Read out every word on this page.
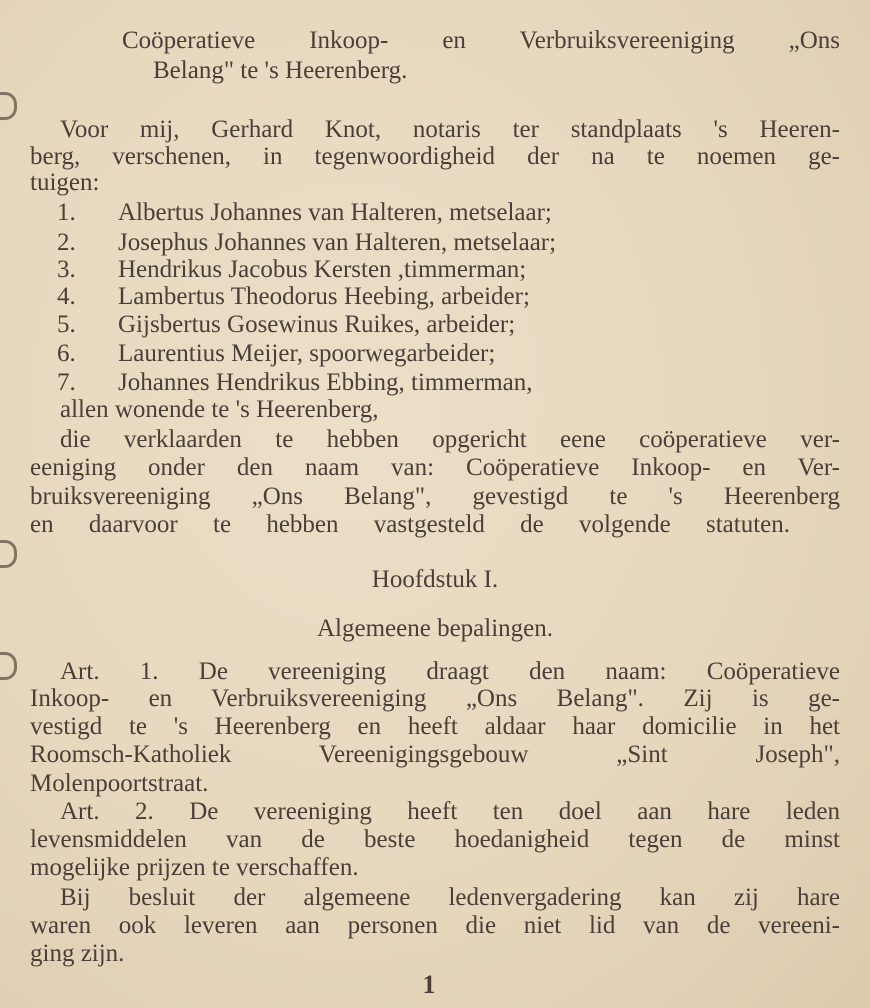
Coöperatieve Inkoop- en Verbruiksvereeniging „Ons
Belang" te 's Heerenberg.
Voor mij, Gerhard Knot, notaris ter standplaats 's Heeren-
berg, verschenen, in tegenwoordigheid der na te noemen ge-
tuigen:
1.	Albertus Johannes van Halteren, metselaar;
2.	Josephus Johannes van Halteren, metselaar;
3.	Hendrikus Jacobus Kersten ,timmerman;
4.	Lambertus Theodorus Heebing, arbeider;
5.	Gijsbertus Gosewinus Ruikes, arbeider;
6.	Laurentius Meijer, spoorwegarbeider;
7.	Johannes Hendrikus Ebbing, timmerman,
allen wonende te 's Heerenberg,
die verklaarden te hebben opgericht eene coöperatieve ver-
eeniging onder den naam van: Coöperatieve Inkoop- en Ver-
bruiksvereeniging „Ons Belang", gevestigd te 's Heerenberg
en daarvoor te hebben vastgesteld de volgende statuten.
Hoofdstuk I.
Algemeene bepalingen.
Art. 1. De vereeniging draagt den naam: Coöperatieve
Inkoop- en Verbruiksvereeniging „Ons Belang". Zij is ge-
vestigd te 's Heerenberg en heeft aldaar haar domicilie in het
Roomsch-Katholiek Vereenigingsgebouw „Sint Joseph",
Molenpoortstraat.
Art. 2. De vereeniging heeft ten doel aan hare leden
levensmiddelen van de beste hoedanigheid tegen de minst
mogelijke prijzen te verschaffen.
Bij besluit der algemeene ledenvergadering kan zij hare
waren ook leveren aan personen die niet lid van de vereeni-
ging zijn.
1
